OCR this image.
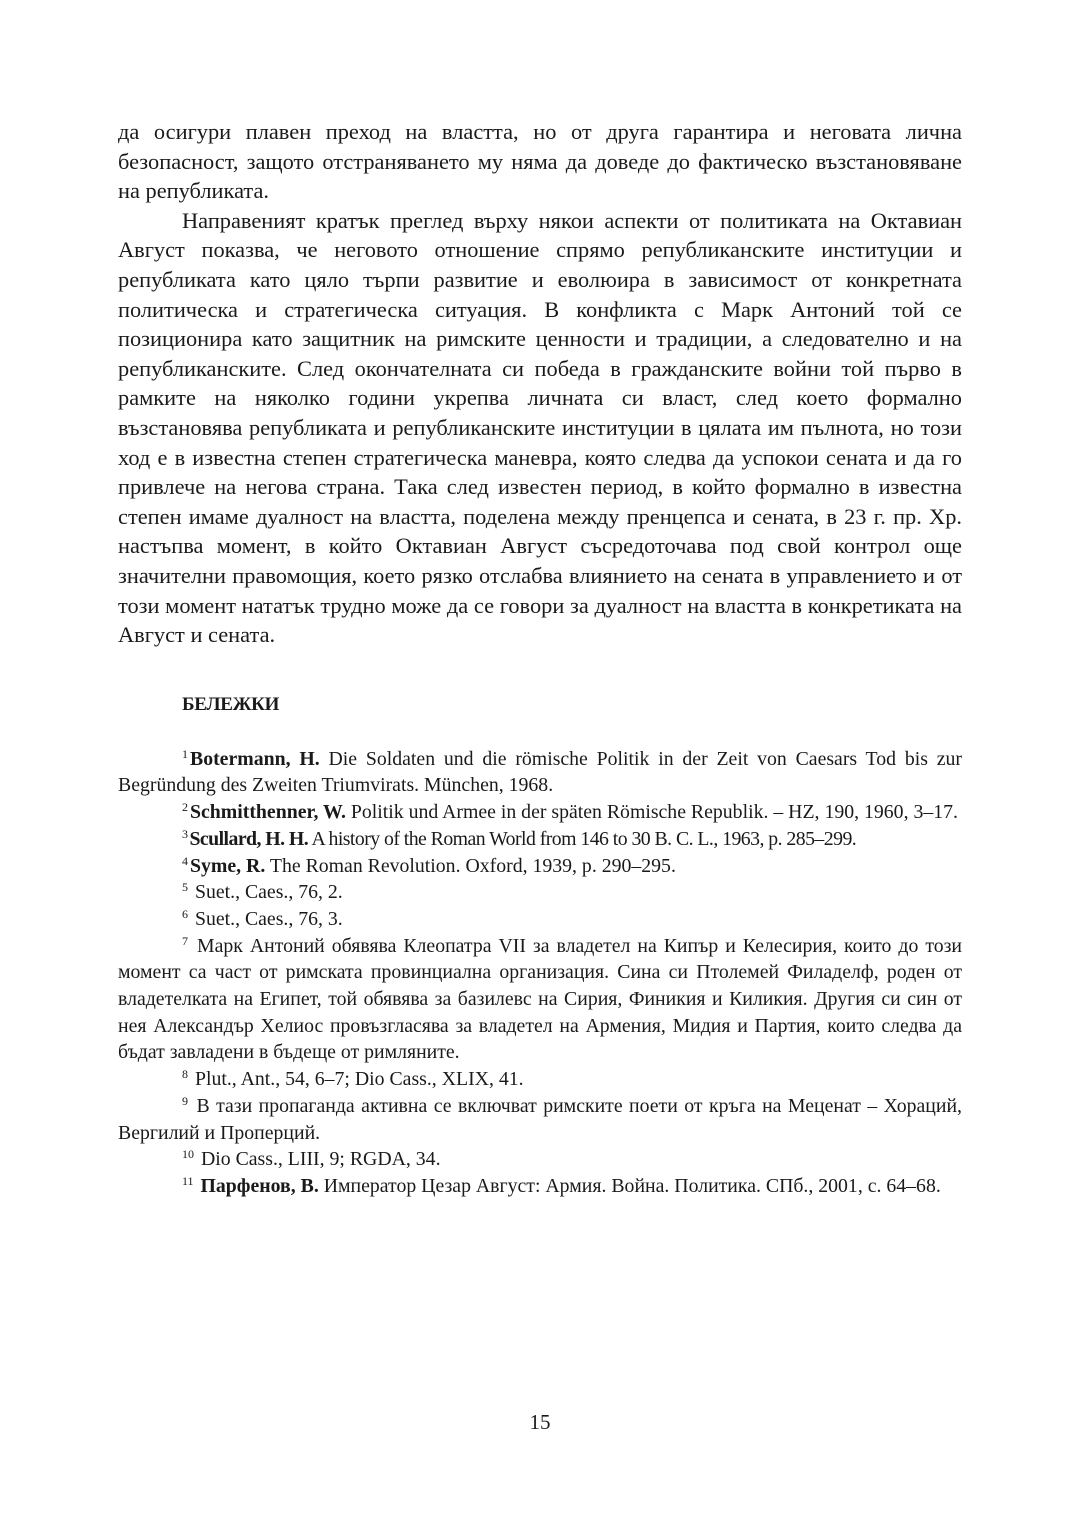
да осигури плавен преход на властта, но от друга гарантира и неговата лична безопасност, защото отстраняването му няма да доведе до фактическо възстановяване на републиката.

Направеният кратък преглед върху някои аспекти от политиката на Октавиан Август показва, че неговото отношение спрямо републиканските институции и републиката като цяло търпи развитие и еволюира в зависимост от конкретната политическа и стратегическа ситуация. В конфликта с Марк Антоний той се позиционира като защитник на римските ценности и традиции, а следователно и на републиканските. След окончателната си победа в гражданските войни той първо в рамките на няколко години укрепва личната си власт, след което формално възстановява републиката и републиканските институции в цялата им пълнота, но този ход е в известна степен стратегическа маневра, която следва да успокои сената и да го привлече на негова страна. Така след известен период, в който формално в известна степен имаме дуалност на властта, поделена между пренцепса и сената, в 23 г. пр. Хр. настъпва момент, в който Октавиан Август съсредоточава под свой контрол още значителни правомощия, което рязко отслабва влиянието на сената в управлението и от този момент нататък трудно може да се говори за дуалност на властта в конкретиката на Август и сената.

БЕЛЕЖКИ

$^1$ Botermann, H. Die Soldaten und die römische Politik in der Zeit von Caesars Tod bis zur Begründung des Zweiten Triumvirats. München, 1968.

$^2$ Schmitthenner, W. Politik und Armee in der späten Römische Republik. – HZ, 190, 1960, 3–17.

$^3$ Scullard, H. H. A history of the Roman World from 146 to 30 B. C. L., 1963, p. 285–299.

$^4$ Syme, R. The Roman Revolution. Oxford, 1939, p. 290–295.

$^5$ Suet., Caes., 76, 2.

$^6$ Suet., Caes., 76, 3.

$^7$ Марк Антоний обявява Клеопатра VII за владетел на Кипър и Келесирия, които до този момент са част от римската провинциална организация. Сина си Птолемей Филаделф, роден от владетелката на Египет, той обявява за базилевс на Сирия, Финикия и Киликия. Другия си син от нея Александър Хелиос провъзгласява за владетел на Армения, Мидия и Партия, които следва да бъдат завладени в бъдеще от римляните.

$^8$ Plut., Ant., 54, 6–7; Dio Cass., XLIX, 41.

$^9$ В тази пропаганда активна се включват римските поети от кръга на Меценат – Хораций, Вергилий и Проперций.

$^{10}$ Dio Cass., LIII, 9; RGDA, 34.

$^{11}$ Парфенов, В. Император Цезар Август: Армия. Война. Политика. СПб., 2001, с. 64–68.

15
